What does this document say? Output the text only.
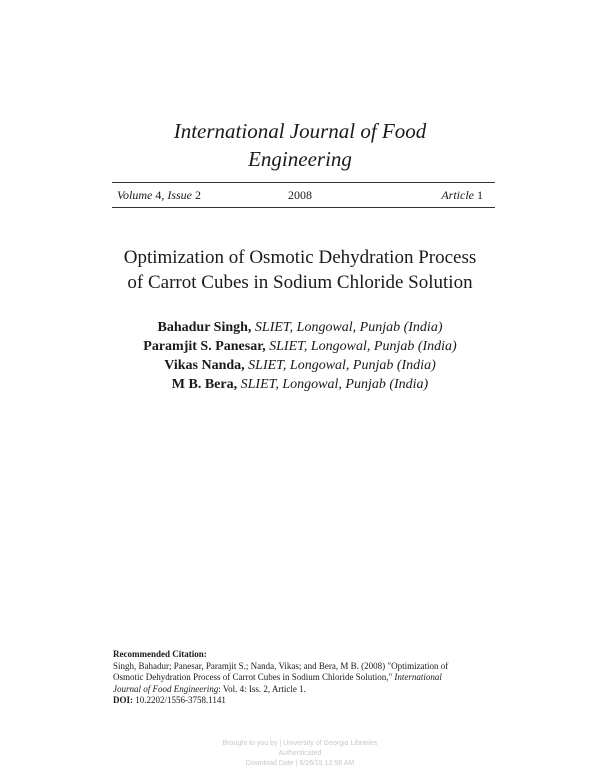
International Journal of Food
Engineering
Volume 4, Issue 2	2008	Article 1
Optimization of Osmotic Dehydration Process
of Carrot Cubes in Sodium Chloride Solution
Bahadur Singh, SLIET, Longowal, Punjab (India)
Paramjit S. Panesar, SLIET, Longowal, Punjab (India)
Vikas Nanda, SLIET, Longowal, Punjab (India)
M B. Bera, SLIET, Longowal, Punjab (India)
Recommended Citation:
Singh, Bahadur; Panesar, Paramjit S.; Nanda, Vikas; and Bera, M B. (2008) "Optimization of
Osmotic Dehydration Process of Carrot Cubes in Sodium Chloride Solution," International
Journal of Food Engineering: Vol. 4: Iss. 2, Article 1.
DOI: 10.2202/1556-3758.1141
Brought to you by | University of Georgia Libraries
Authenticated
Download Date | 6/26/15 12:58 AM
